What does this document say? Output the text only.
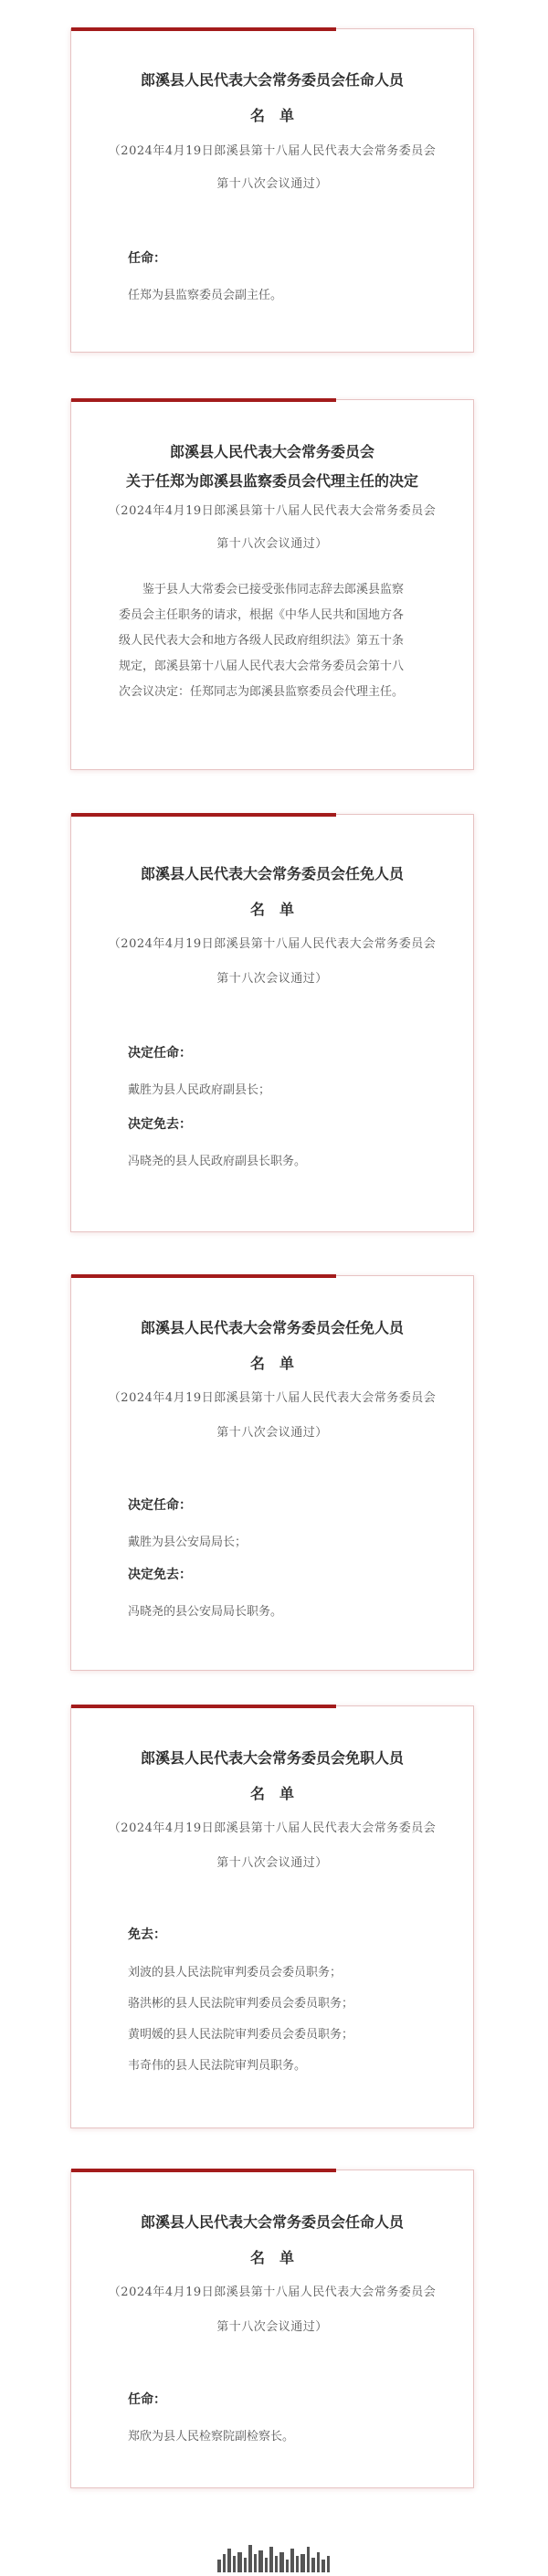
郎溪县人民代表大会常务委员会任命人员
名　单
（2024年4月19日郎溪县第十八届人民代表大会常务委员会
第十八次会议通过）
任命：
任郑为县监察委员会副主任。
郎溪县人民代表大会常务委员会
关于任郑为郎溪县监察委员会代理主任的决定
（2024年4月19日郎溪县第十八届人民代表大会常务委员会
第十八次会议通过）
鉴于县人大常委会已接受张伟同志辞去郎溪县监察
委员会主任职务的请求，根据《中华人民共和国地方各
级人民代表大会和地方各级人民政府组织法》第五十条
规定，郎溪县第十八届人民代表大会常务委员会第十八
次会议决定：任郑同志为郎溪县监察委员会代理主任。
郎溪县人民代表大会常务委员会任免人员
名　单
（2024年4月19日郎溪县第十八届人民代表大会常务委员会
第十八次会议通过）
决定任命：
戴胜为县人民政府副县长；
决定免去：
冯晓尧的县人民政府副县长职务。
郎溪县人民代表大会常务委员会任免人员
名　单
（2024年4月19日郎溪县第十八届人民代表大会常务委员会
第十八次会议通过）
决定任命：
戴胜为县公安局局长；
决定免去：
冯晓尧的县公安局局长职务。
郎溪县人民代表大会常务委员会免职人员
名　单
（2024年4月19日郎溪县第十八届人民代表大会常务委员会
第十八次会议通过）
免去：
刘波的县人民法院审判委员会委员职务；
骆洪彬的县人民法院审判委员会委员职务；
黄明媛的县人民法院审判委员会委员职务；
韦奇伟的县人民法院审判员职务。
郎溪县人民代表大会常务委员会任命人员
名　单
（2024年4月19日郎溪县第十八届人民代表大会常务委员会
第十八次会议通过）
任命：
郑欣为县人民检察院副检察长。
